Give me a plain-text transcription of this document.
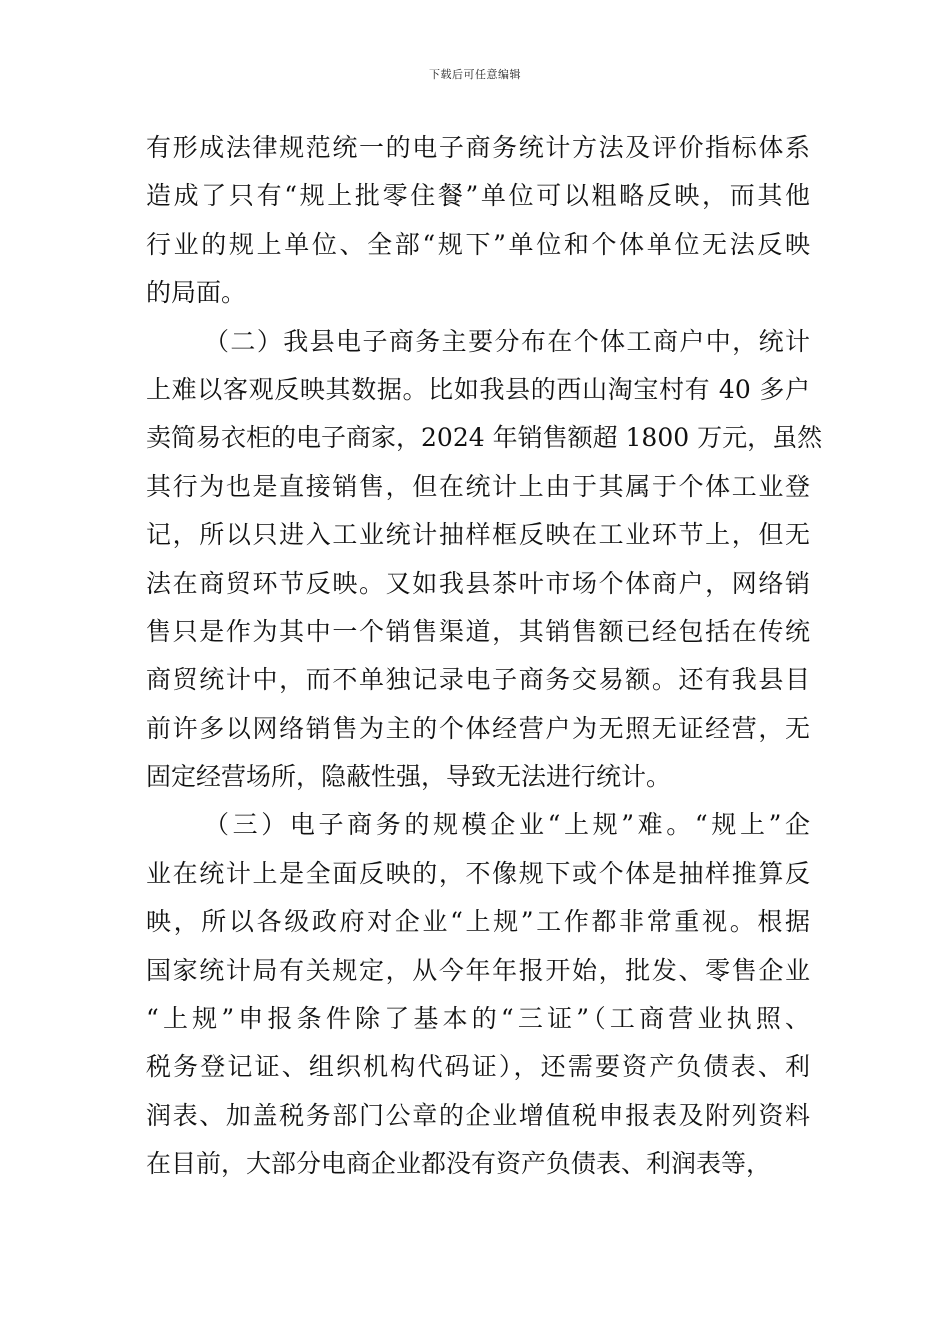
下载后可任意编辑
有形成法律规范统一的电子商务统计方法及评价指标体系
造成了只有“规上批零住餐”单位可以粗略反映，而其他
行业的规上单位、全部“规下”单位和个体单位无法反映
的局面。
（二）我县电子商务主要分布在个体工商户中，统计
上难以客观反映其数据。比如我县的西山淘宝村有 40 多户
卖简易衣柜的电子商家，2024 年销售额超 1800 万元，虽然
其行为也是直接销售，但在统计上由于其属于个体工业登
记，所以只进入工业统计抽样框反映在工业环节上，但无
法在商贸环节反映。又如我县茶叶市场个体商户，网络销
售只是作为其中一个销售渠道，其销售额已经包括在传统
商贸统计中，而不单独记录电子商务交易额。还有我县目
前许多以网络销售为主的个体经营户为无照无证经营，无
固定经营场所，隐蔽性强，导致无法进行统计。
（三）电子商务的规模企业“上规”难。“规上”企
业在统计上是全面反映的，不像规下或个体是抽样推算反
映，所以各级政府对企业“上规”工作都非常重视。根据
国家统计局有关规定，从今年年报开始，批发、零售企业
“上规”申报条件除了基本的“三证”（工商营业执照、
税务登记证、组织机构代码证），还需要资产负债表、利
润表、加盖税务部门公章的企业增值税申报表及附列资料
在目前，大部分电商企业都没有资产负债表、利润表等，
